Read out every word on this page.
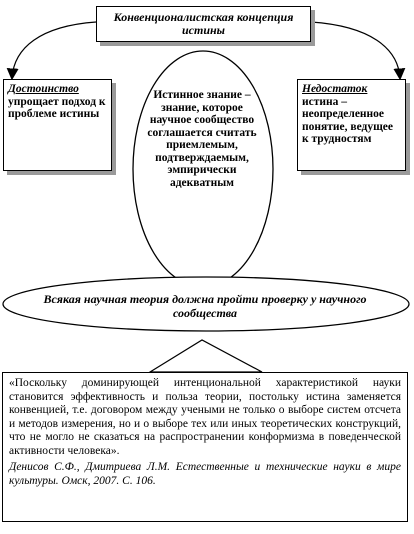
Конвенционалистская концепция истины
Достоинство
упрощает подход к проблеме истины
Недостаток
истина – неопределенное понятие, ведущее к трудностям
Истинное знание – знание, которое научное сообщество соглашается считать приемлемым, подтверждаемым, эмпирически адекватным
Всякая научная теория должна пройти проверку у научного сообщества
«Поскольку доминирующей интенциональной характеристикой науки становится эффективность и польза теории, постольку истина заменяется конвенцией, т.е. договором между учеными не только о выборе систем отсчета и методов измерения, но и о выборе тех или иных теоретических конструкций, что не могло не сказаться на распространении конформизма в поведенческой активности человека».
Денисов С.Ф., Дмитриева Л.М. Естественные и технические науки в мире культуры. Омск, 2007. С. 106.
